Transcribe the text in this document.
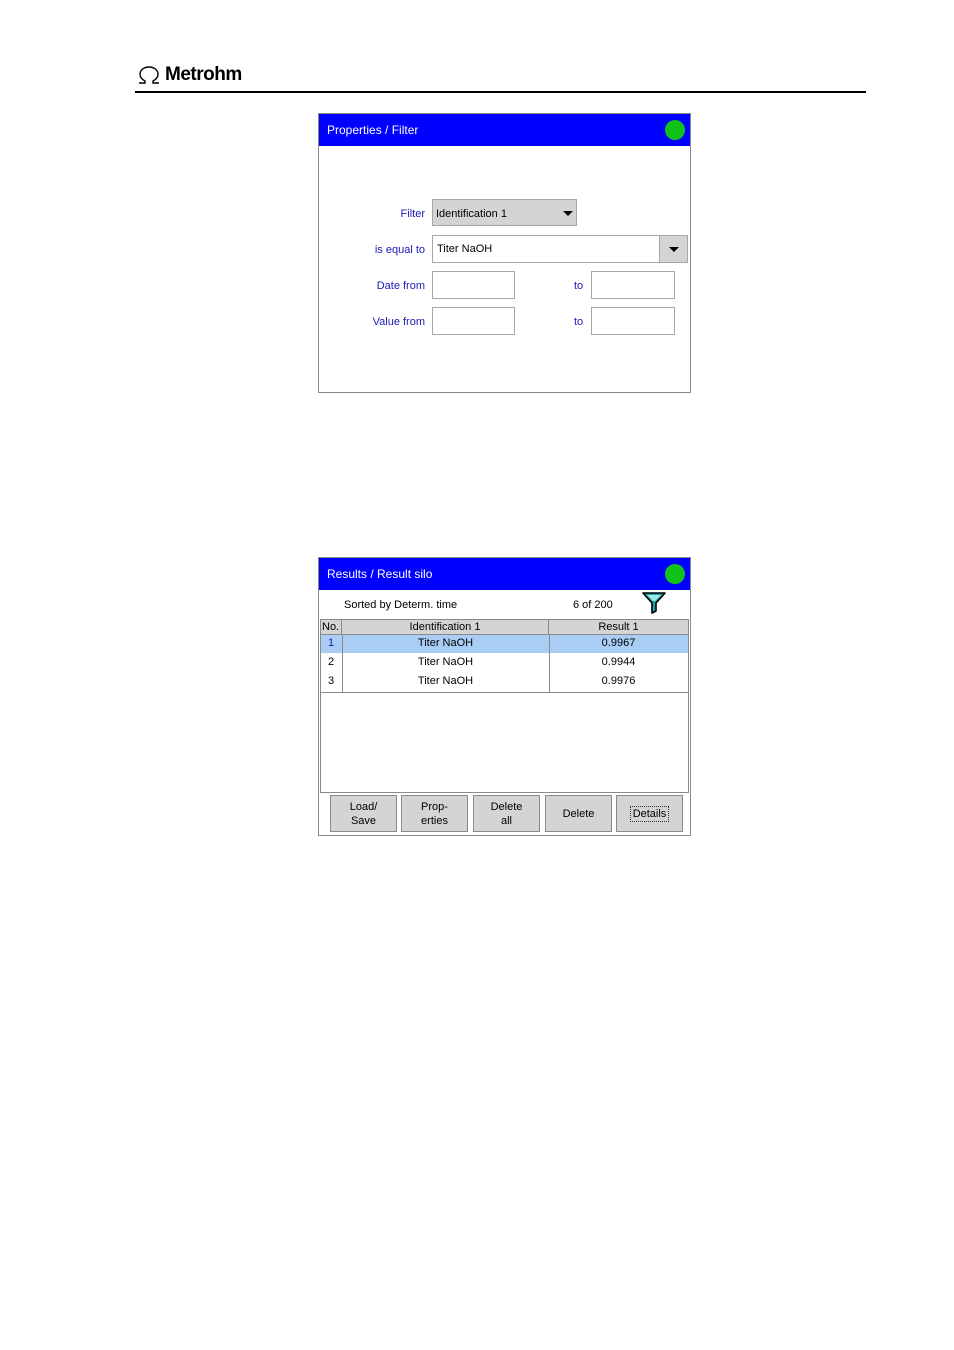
Metrohm
Properties / Filter
Filter Identification 1
is equal to Titer NaOH
Date from	to
Value from	to
Results / Result silo
Sorted by Determ. time	6 of 200
No.	Identification 1	Result 1
1	Titer NaOH	0.9967
2	Titer NaOH	0.9944
3	Titer NaOH	0.9976
Load/
Save
Prop-
erties
Delete
all
Delete	Details
